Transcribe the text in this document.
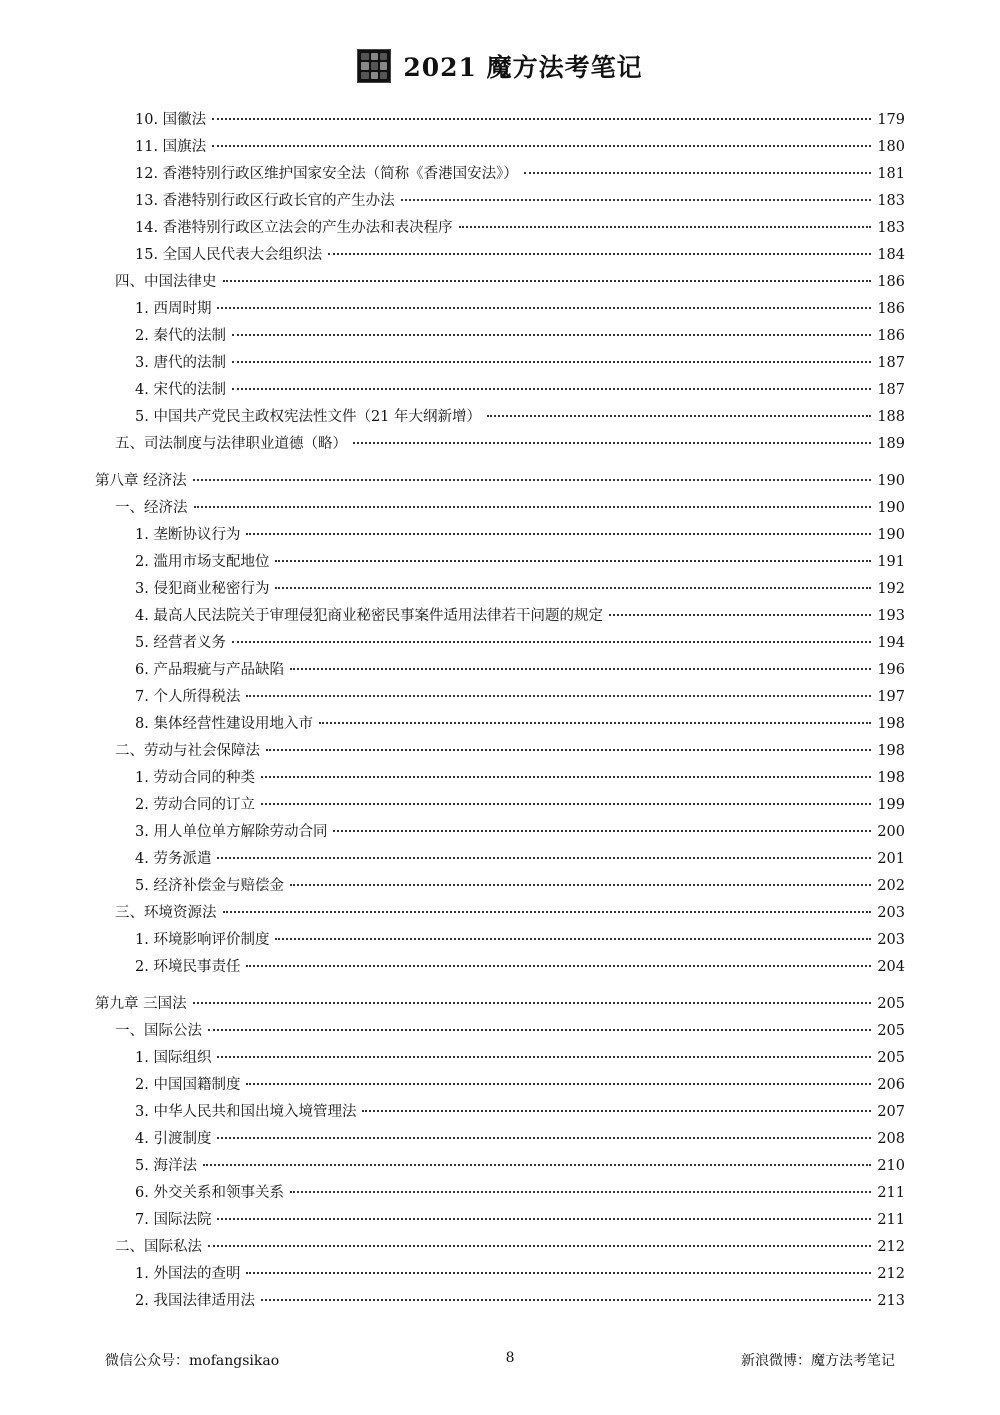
2021 魔方法考笔记
10. 国徽法	179
11. 国旗法	180
12. 香港特别行政区维护国家安全法（简称《香港国安法》）	181
13. 香港特别行政区行政长官的产生办法	183
14. 香港特别行政区立法会的产生办法和表决程序	183
15. 全国人民代表大会组织法	184
四、中国法律史	186
1. 西周时期	186
2. 秦代的法制	186
3. 唐代的法制	187
4. 宋代的法制	187
5. 中国共产党民主政权宪法性文件（21 年大纲新增）	188
五、司法制度与法律职业道德（略）	189
第八章 经济法	190
一、经济法	190
1. 垄断协议行为	190
2. 滥用市场支配地位	191
3. 侵犯商业秘密行为	192
4. 最高人民法院关于审理侵犯商业秘密民事案件适用法律若干问题的规定	193
5. 经营者义务	194
6. 产品瑕疵与产品缺陷	196
7. 个人所得税法	197
8. 集体经营性建设用地入市	198
二、劳动与社会保障法	198
1. 劳动合同的种类	198
2. 劳动合同的订立	199
3. 用人单位单方解除劳动合同	200
4. 劳务派遣	201
5. 经济补偿金与赔偿金	202
三、环境资源法	203
1. 环境影响评价制度	203
2. 环境民事责任	204
第九章 三国法	205
一、国际公法	205
1. 国际组织	205
2. 中国国籍制度	206
3. 中华人民共和国出境入境管理法	207
4. 引渡制度	208
5. 海洋法	210
6. 外交关系和领事关系	211
7. 国际法院	211
二、国际私法	212
1. 外国法的查明	212
2. 我国法律适用法	213
微信公众号：mofangsikao	8	新浪微博：魔方法考笔记
